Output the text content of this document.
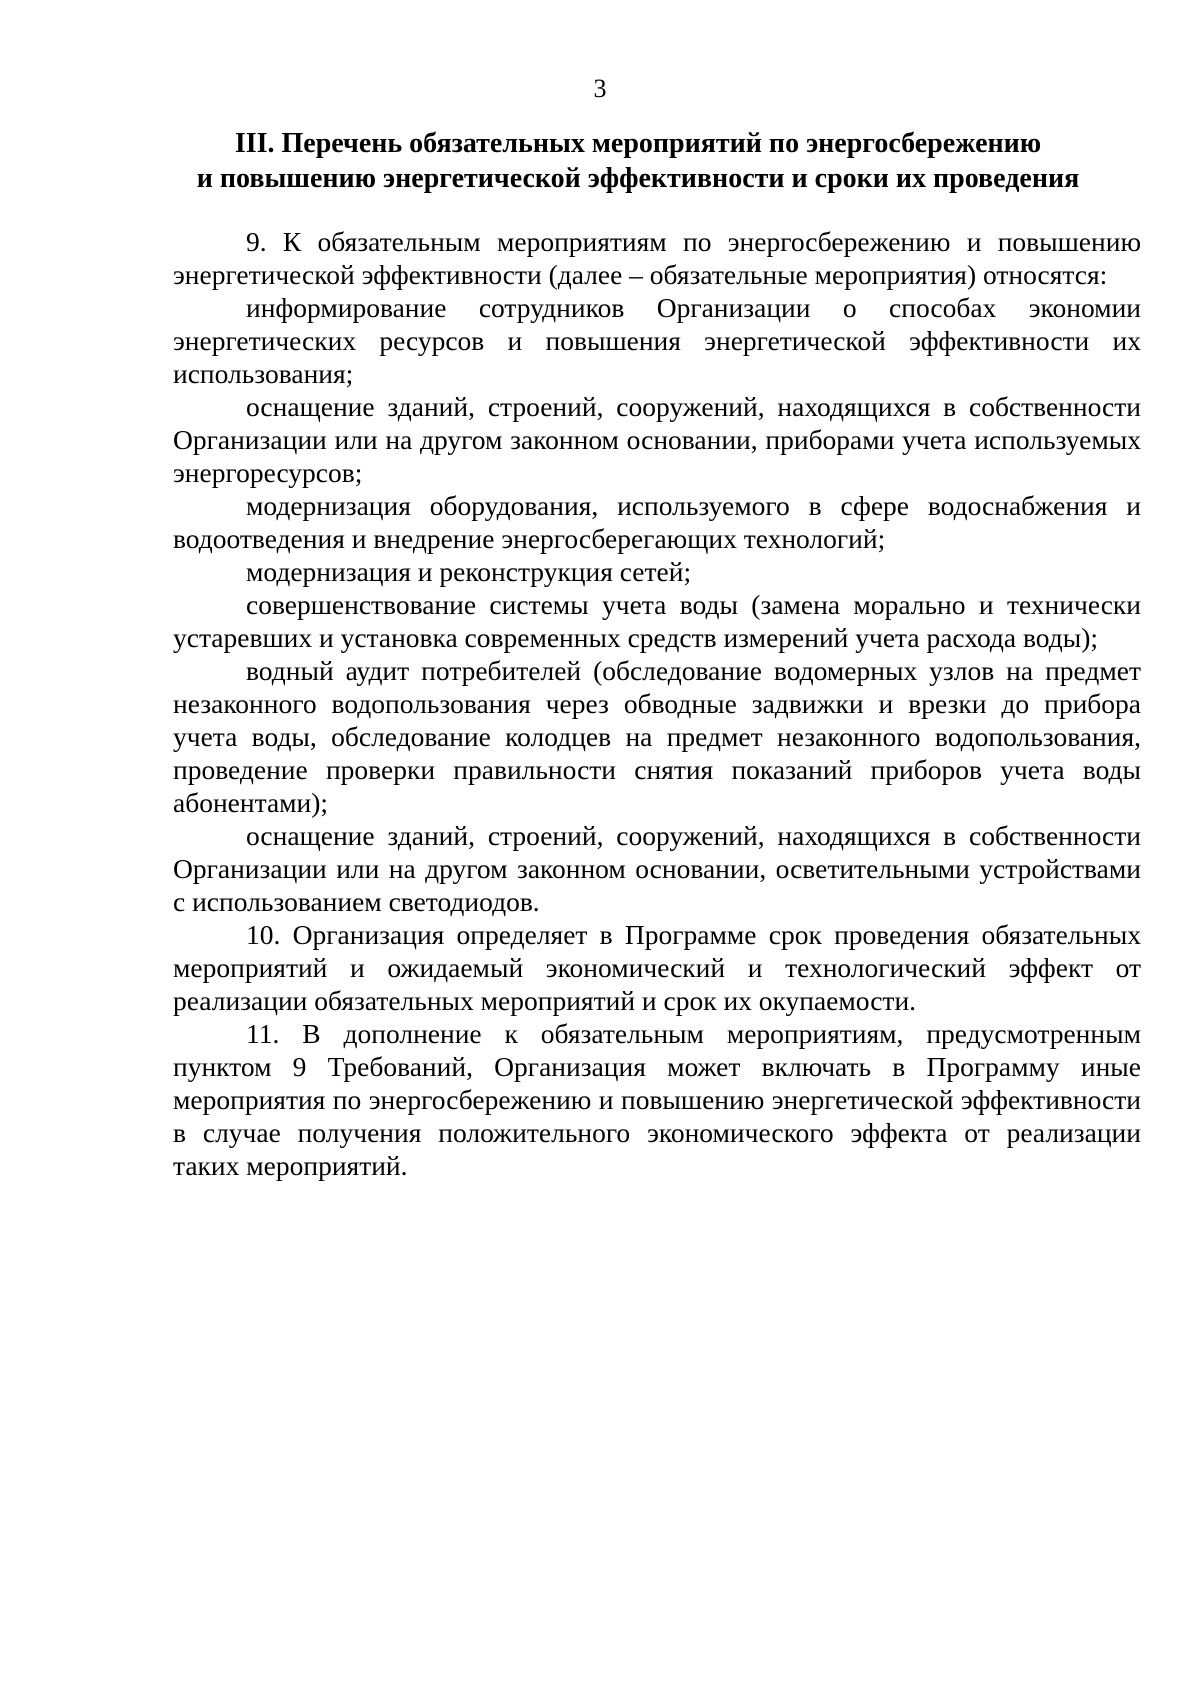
3
III. Перечень обязательных мероприятий по энергосбережению
и повышению энергетической эффективности и сроки их проведения

9. К обязательным мероприятиям по энергосбережению и повышению энергетической эффективности (далее – обязательные мероприятия) относятся:

информирование сотрудников Организации о способах экономии энергетических ресурсов и повышения энергетической эффективности их использования;

оснащение зданий, строений, сооружений, находящихся в собственности Организации или на другом законном основании, приборами учета используемых энергоресурсов;

модернизация оборудования, используемого в сфере водоснабжения и водоотведения и внедрение энергосберегающих технологий;

модернизация и реконструкция сетей;

совершенствование системы учета воды (замена морально и технически устаревших и установка современных средств измерений учета расхода воды);

водный аудит потребителей (обследование водомерных узлов на предмет незаконного водопользования через обводные задвижки и врезки до прибора учета воды, обследование колодцев на предмет незаконного водопользования, проведение проверки правильности снятия показаний приборов учета воды абонентами);

оснащение зданий, строений, сооружений, находящихся в собственности Организации или на другом законном основании, осветительными устройствами с использованием светодиодов.

10. Организация определяет в Программе срок проведения обязательных мероприятий и ожидаемый экономический и технологический эффект от реализации обязательных мероприятий и срок их окупаемости.

11. В дополнение к обязательным мероприятиям, предусмотренным пунктом 9 Требований, Организация может включать в Программу иные мероприятия по энергосбережению и повышению энергетической эффективности в случае получения положительного экономического эффекта от реализации таких мероприятий.
